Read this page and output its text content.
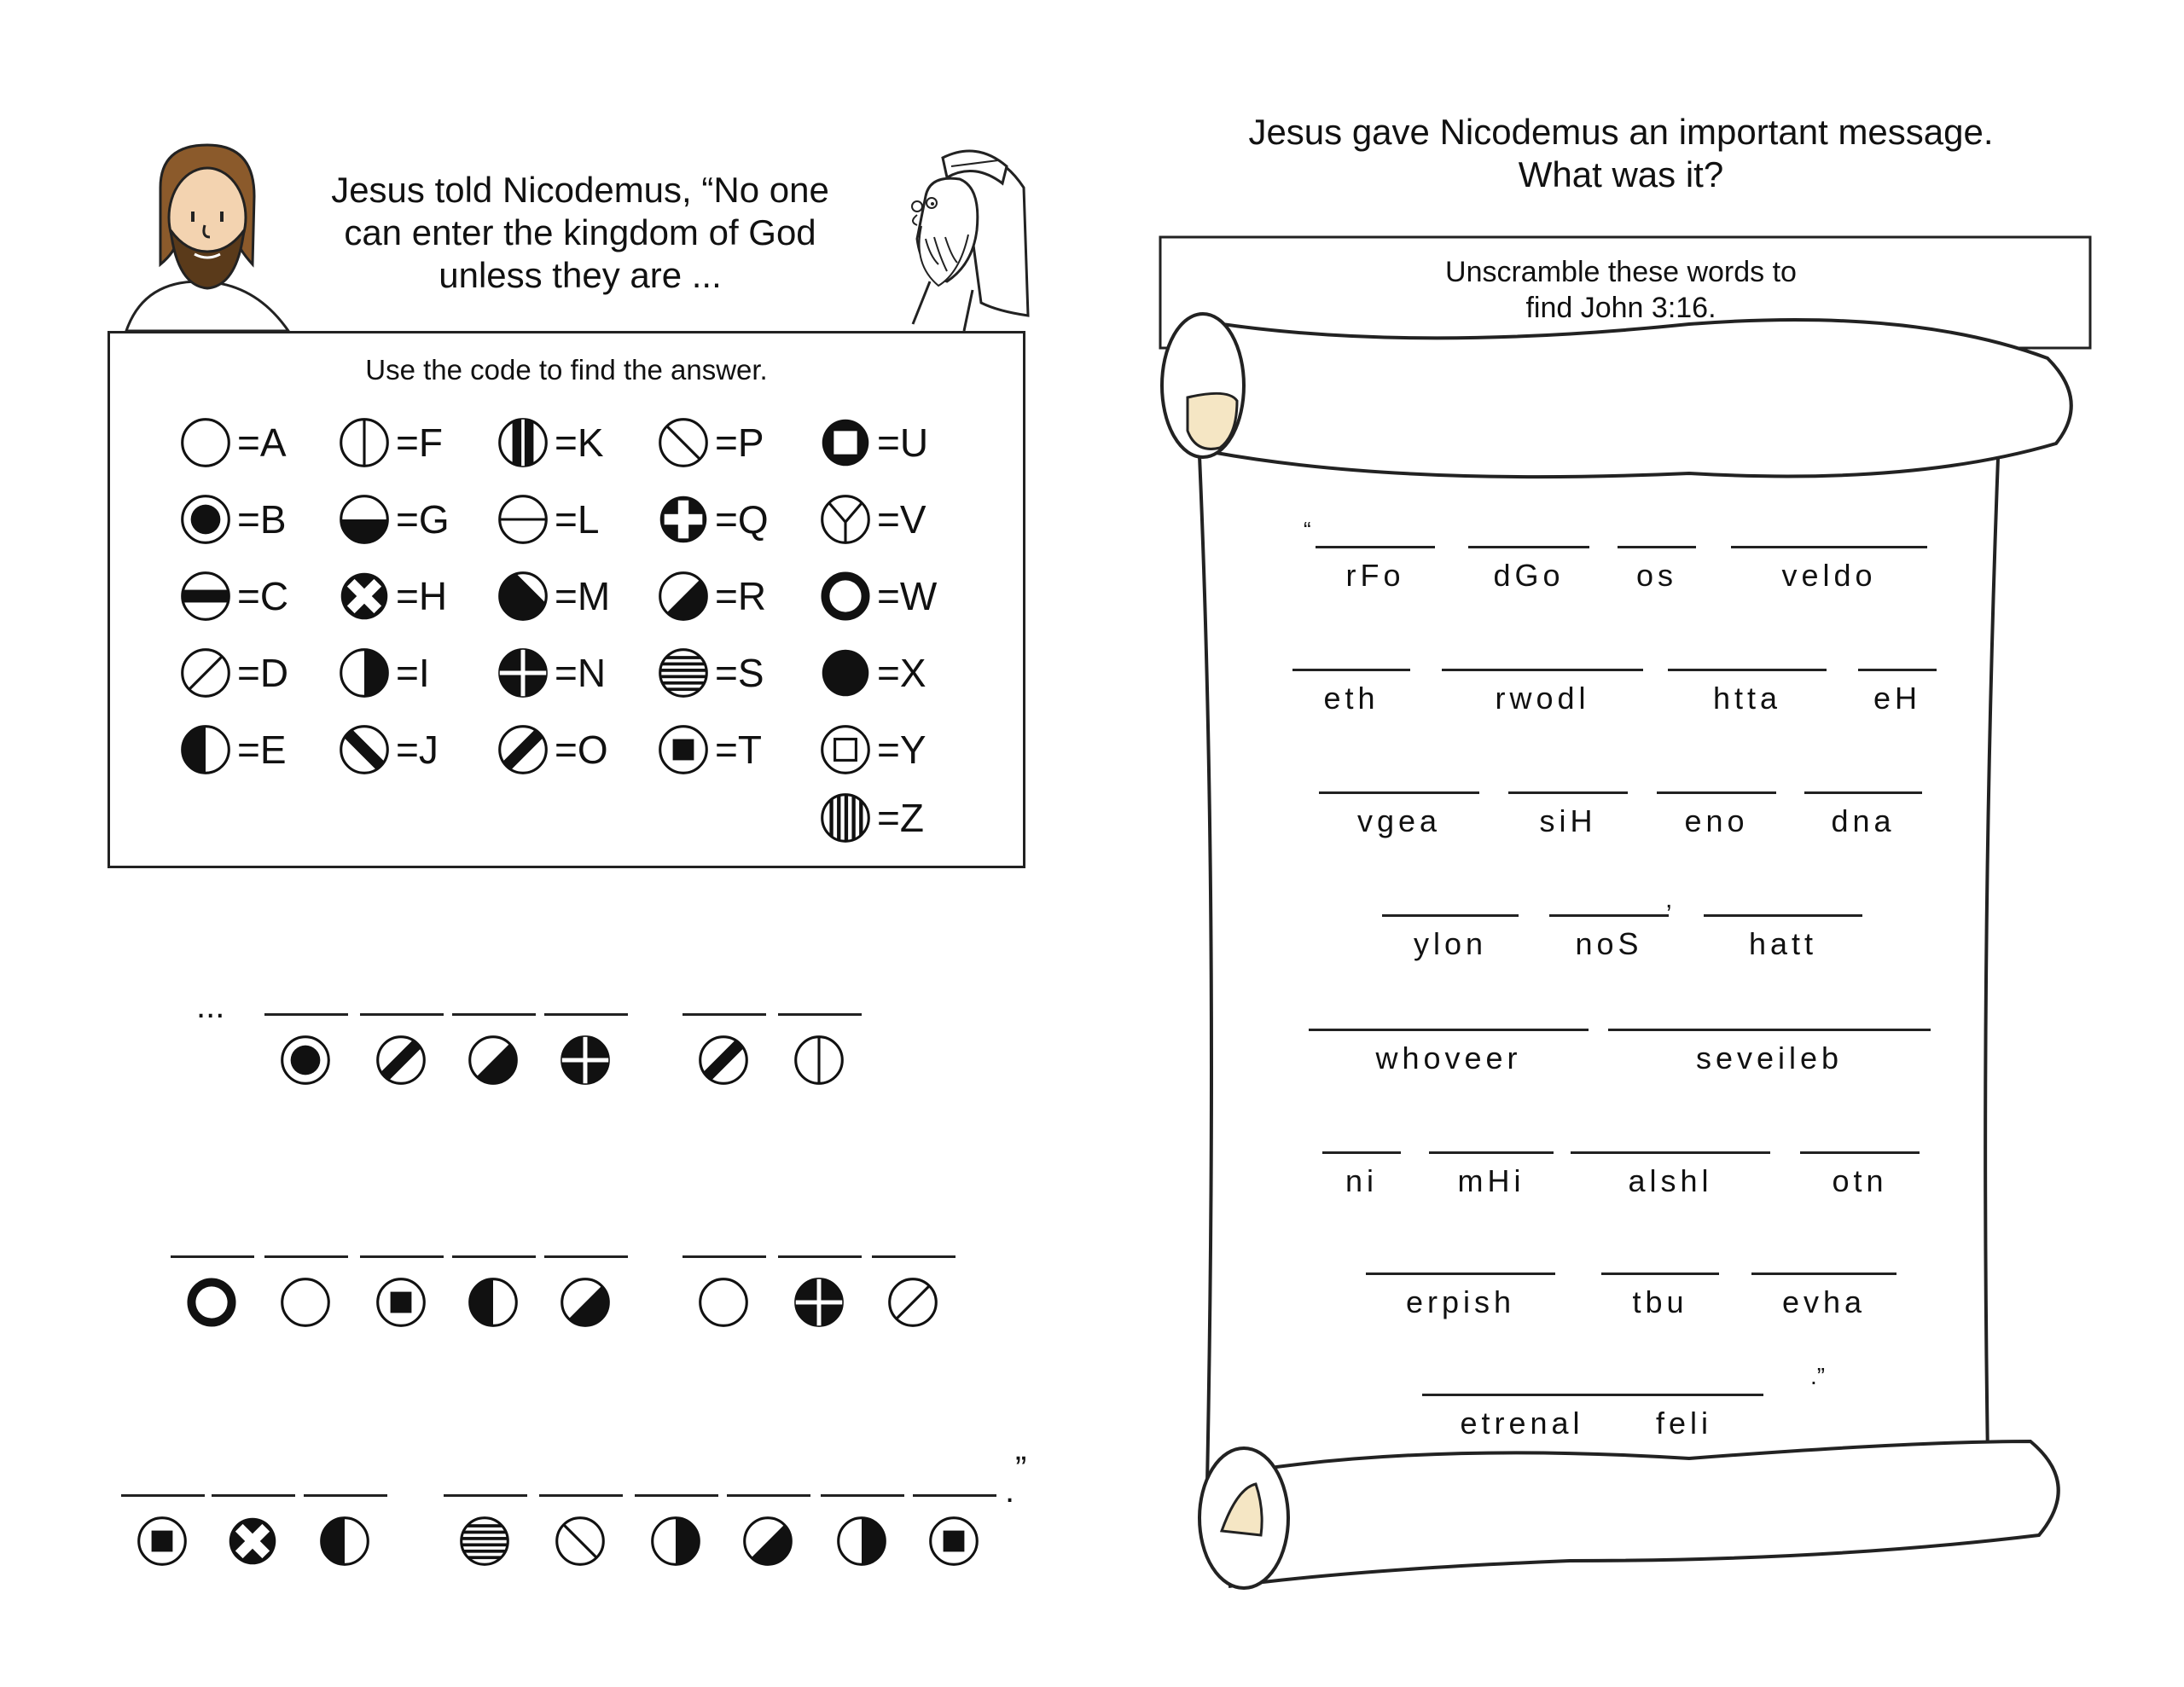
Jesus told Nicodemus, “No one
can enter the kingdom of God
unless they are ...
Use the code to find the answer.
Jesus gave Nicodemus an important message.
What was it?
Unscramble these words to
find John 3:16.
=A	=F	=K	=P	=U
=B	=G	=L	=Q	=V
=C	=H	=M	=R	=W
=D	=I	=N	=S	=X
=E	=J	=O	=T	=Y
=Z
...
.
”
rFo	dGo	os	veldo
eth	rwodl	htta	eH
vgea	siH	eno	dna
ylon	noS	hatt
whoveer	seveileb
ni	mHi	alshl	otn
erpish	tbu	evha
etrenal	feli
“
,
.”
